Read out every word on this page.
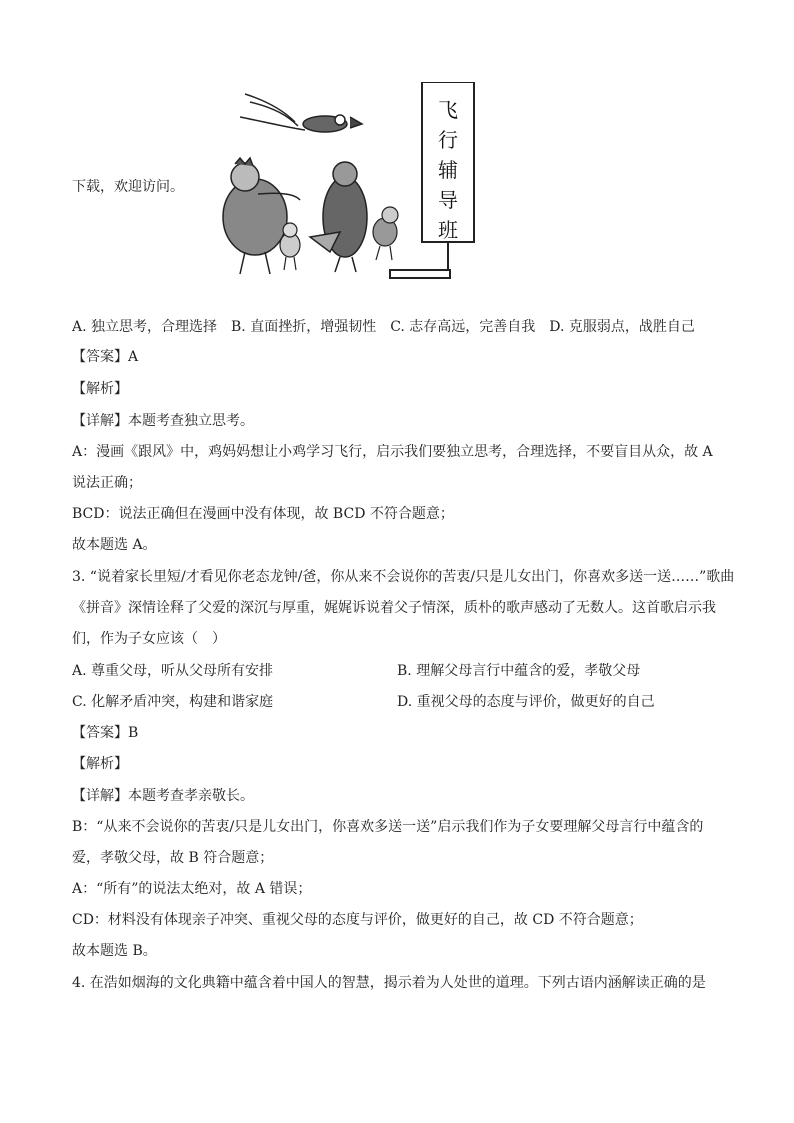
下载，欢迎访问。
飞
行
辅
导
班
A. 独立思考，合理选择　B. 直面挫折，增强韧性　C. 志存高远，完善自我　D. 克服弱点，战胜自己
【答案】A
【解析】
【详解】本题考查独立思考。
A：漫画《跟风》中，鸡妈妈想让小鸡学习飞行，启示我们要独立思考，合理选择，不要盲目从众，故 A
说法正确；
BCD：说法正确但在漫画中没有体现，故 BCD 不符合题意；
故本题选 A。
3. “说着家长里短/才看见你老态龙钟/爸，你从来不会说你的苦衷/只是儿女出门，你喜欢多送一送……”歌曲
《拼音》深情诠释了父爱的深沉与厚重，娓娓诉说着父子情深，质朴的歌声感动了无数人。这首歌启示我
们，作为子女应该（　）
A. 尊重父母，听从父母所有安排	B. 理解父母言行中蕴含的爱，孝敬父母
C. 化解矛盾冲突，构建和谐家庭	D. 重视父母的态度与评价，做更好的自己
【答案】B
【解析】
【详解】本题考查孝亲敬长。
B：“从来不会说你的苦衷/只是儿女出门，你喜欢多送一送”启示我们作为子女要理解父母言行中蕴含的
爱，孝敬父母，故 B 符合题意；
A：“所有”的说法太绝对，故 A 错误；
CD：材料没有体现亲子冲突、重视父母的态度与评价，做更好的自己，故 CD 不符合题意；
故本题选 B。
4. 在浩如烟海的文化典籍中蕴含着中国人的智慧，揭示着为人处世的道理。下列古语内涵解读正确的是
